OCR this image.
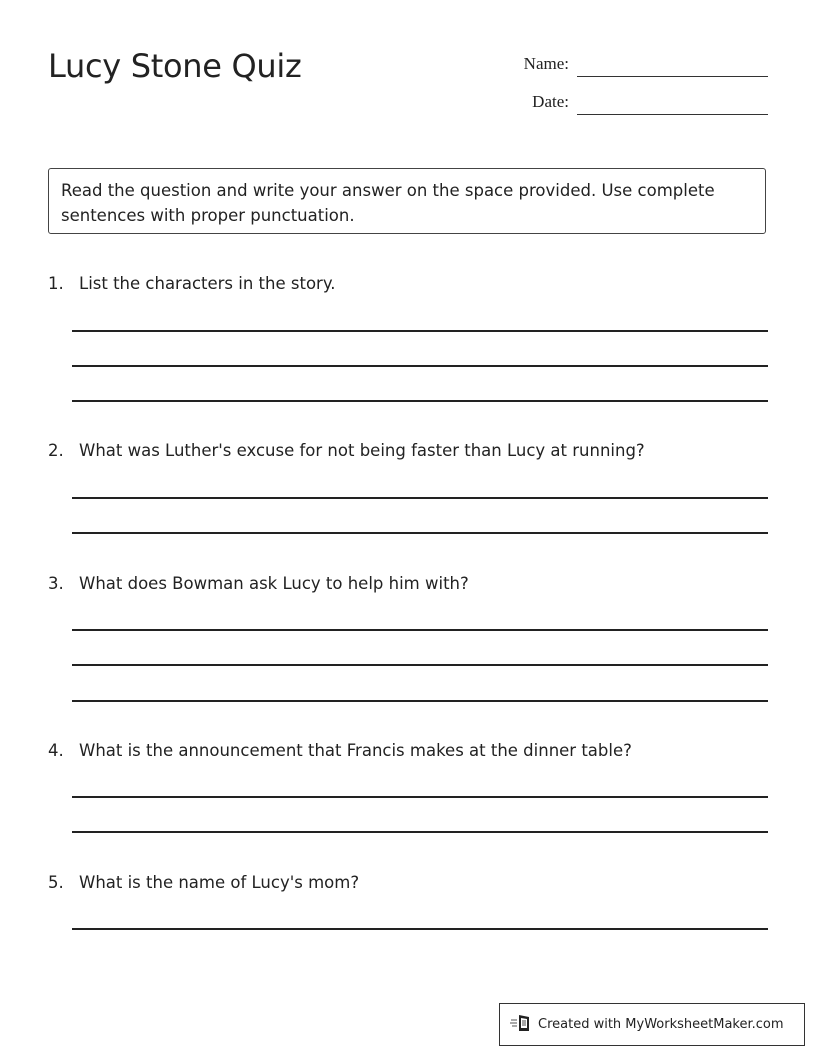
Lucy Stone Quiz	Name:
Date:
Read the question and write your answer on the space provided. Use complete sentences with proper punctuation.
1. List the characters in the story.
2. What was Luther's excuse for not being faster than Lucy at running?
3. What does Bowman ask Lucy to help him with?
4. What is the announcement that Francis makes at the dinner table?
5. What is the name of Lucy's mom?
Created with MyWorksheetMaker.com
